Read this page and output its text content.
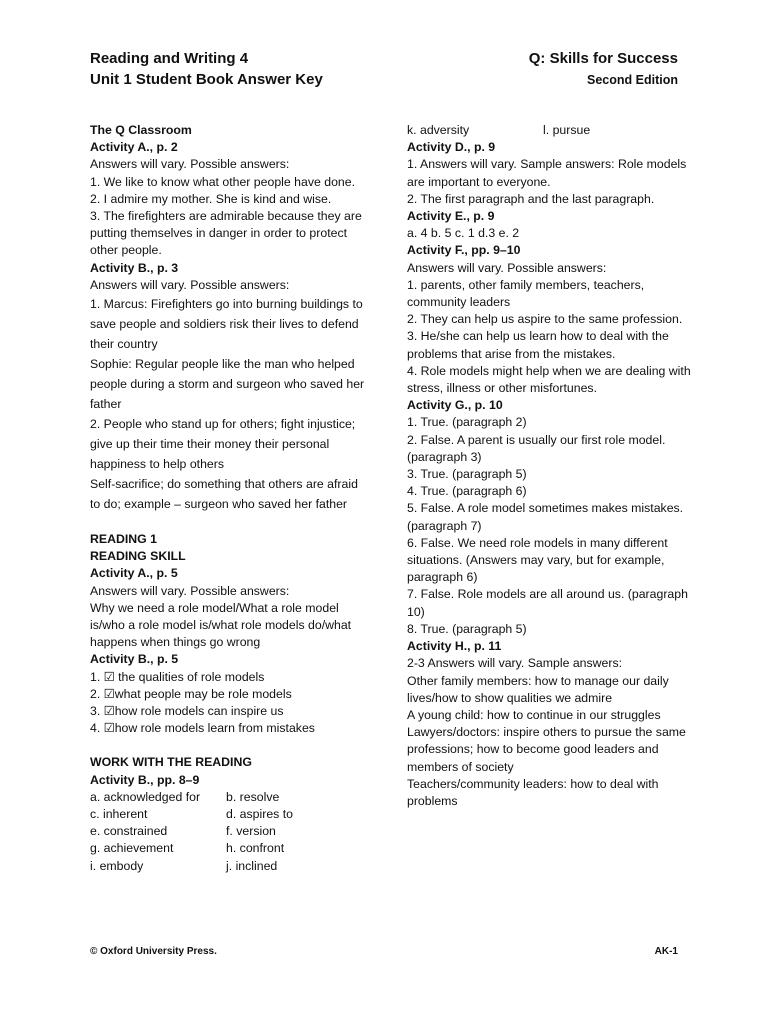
Reading and Writing 4
Unit 1 Student Book Answer Key
Q: Skills for Success
Second Edition
The Q Classroom
Activity A., p. 2
Answers will vary. Possible answers:
1. We like to know what other people have done.
2. I admire my mother. She is kind and wise.
3. The firefighters are admirable because they are putting themselves in danger in order to protect other people.
Activity B., p. 3
Answers will vary. Possible answers:
1. Marcus: Firefighters go into burning buildings to save people and soldiers risk their lives to defend their country
Sophie: Regular people like the man who helped people during a storm and surgeon who saved her father
2. People who stand up for others; fight injustice; give up their time their money their personal happiness to help others
Self-sacrifice; do something that others are afraid to do; example – surgeon who saved her father
READING 1
READING SKILL
Activity A., p. 5
Answers will vary. Possible answers:
Why we need a role model/What a role model is/who a role model is/what role models do/what happens when things go wrong
Activity B., p. 5
1. ☑ the qualities of role models
2. ☑what people may be role models
3. ☑how role models can inspire us
4. ☑how role models learn from mistakes
WORK WITH THE READING
Activity B., pp. 8–9
a. acknowledged for	b. resolve
c. inherent	d. aspires to
e. constrained	f. version
g. achievement	h. confront
i. embody	j. inclined
k. adversity	l. pursue
Activity D., p. 9
1. Answers will vary. Sample answers: Role models are important to everyone.
2. The first paragraph and the last paragraph.
Activity E., p. 9
a. 4 b. 5 c. 1 d.3 e. 2
Activity F., pp. 9–10
Answers will vary. Possible answers:
1. parents, other family members, teachers, community leaders
2. They can help us aspire to the same profession.
3. He/she can help us learn how to deal with the problems that arise from the mistakes.
4. Role models might help when we are dealing with stress, illness or other misfortunes.
Activity G., p. 10
1. True. (paragraph 2)
2. False. A parent is usually our first role model. (paragraph 3)
3. True. (paragraph 5)
4. True. (paragraph 6)
5. False. A role model sometimes makes mistakes. (paragraph 7)
6. False. We need role models in many different situations. (Answers may vary, but for example, paragraph 6)
7. False. Role models are all around us. (paragraph 10)
8. True. (paragraph 5)
Activity H., p. 11
2-3 Answers will vary. Sample answers:
Other family members: how to manage our daily lives/how to show qualities we admire
A young child: how to continue in our struggles
Lawyers/doctors: inspire others to pursue the same professions; how to become good leaders and members of society
Teachers/community leaders: how to deal with problems
© Oxford University Press.	AK-1
